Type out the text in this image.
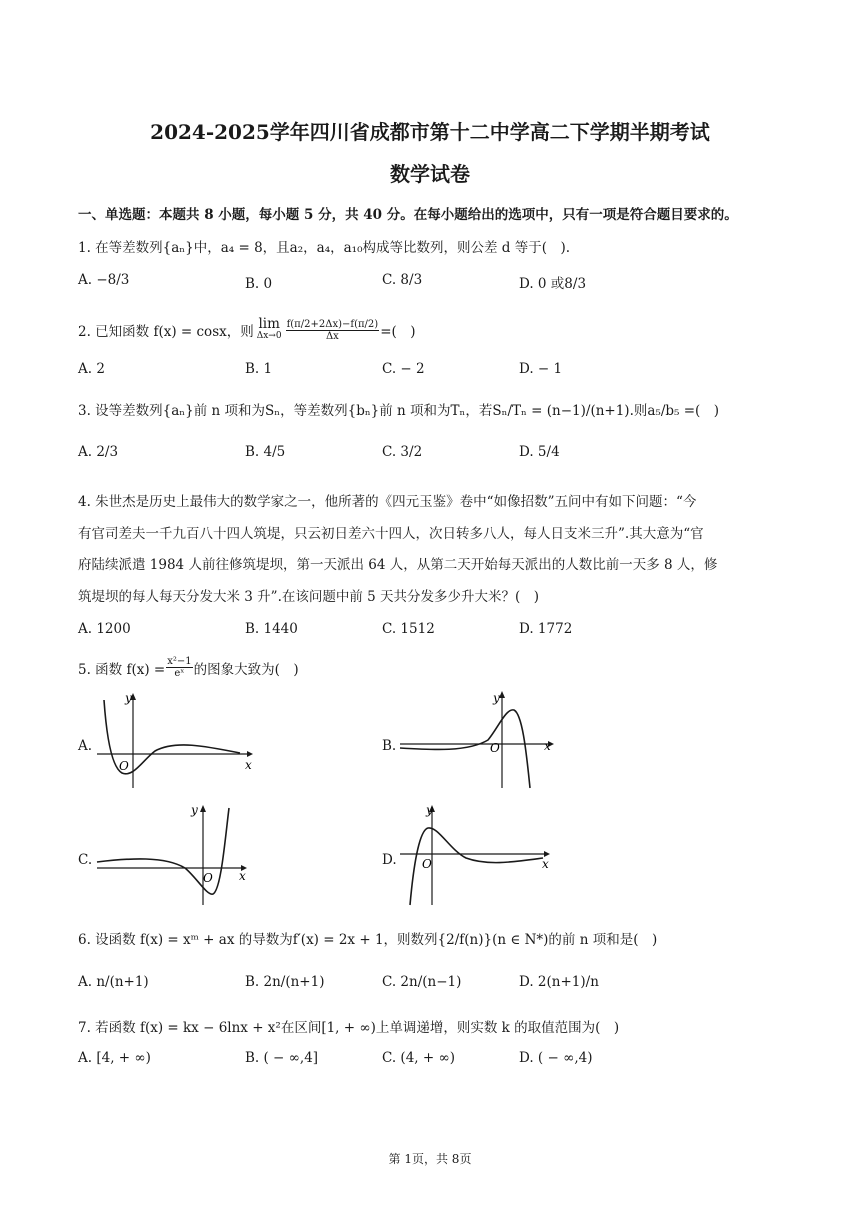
2024-2025学年四川省成都市第十二中学高二下学期半期考试
数学试卷
一、单选题：本题共 8 小题，每小题 5 分，共 40 分。在每小题给出的选项中，只有一项是符合题目要求的。
1. 在等差数列{aₙ}中，a₄ = 8，且a₂，a₄，a₁₀构成等比数列，则公差 d 等于(　).
A. −8/3	B. 0	C. 8/3	D. 0 或8/3
2. 已知函数 f(x) = cosx，则 lim
$\Delta x\to 0 \frac{f(\pi/2+2\Delta x)-f(\pi/2)}{\Delta x}$ =(　)
A. 2	B. 1	C. − 2	D. − 1
3. 设等差数列{aₙ}前 n 项和为Sₙ，等差数列{bₙ}前 n 项和为Tₙ，若Sₙ/Tₙ = (n−1)/(n+1).则a₅/b₅ =(　)
A. 2/3	B. 4/5	C. 3/2	D. 5/4
4. 朱世杰是历史上最伟大的数学家之一，他所著的《四元玉鉴》卷中“如像招数”五问中有如下问题：“今
有官司差夫一千九百八十四人筑堤，只云初日差六十四人，次日转多八人，每人日支米三升”.其大意为“官
府陆续派遣 1984 人前往修筑堤坝，第一天派出 64 人，从第二天开始每天派出的人数比前一天多 8 人，修
筑堤坝的每人每天分发大米 3 升”.在该问题中前 5 天共分发多少升大米？(　)
A. 1200	B. 1440	C. 1512	D. 1772
5. 函数 $f(x) = \frac{\text{x²−1}}{\text{eˣ}}$ 的图象大致为(　)
A.	B.
C.	D.
y
x
O
y
x
O
y
x
O
y
x
O
6. 设函数 f(x) = xᵐ + ax 的导数为f′(x) = 2x + 1，则数列{2/f(n)}(n ∈ N*)的前 n 项和是(　)
A. n/(n+1)	B. 2n/(n+1)	C. 2n/(n−1)	D. 2(n+1)/n
7. 若函数 f(x) = kx − 6lnx + x²在区间[1, + ∞)上单调递增，则实数 k 的取值范围为(　)
A. [4, + ∞)	B. ( − ∞,4]	C. (4, + ∞)	D. ( − ∞,4)
第 1页，共 8页
